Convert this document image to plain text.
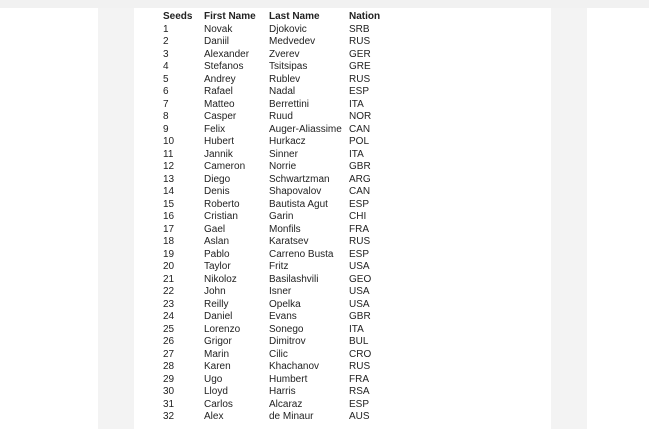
Seeds	First Name	Last Name	Nation
1	Novak	Djokovic	SRB
2	Daniil	Medvedev	RUS
3	Alexander	Zverev	GER
4	Stefanos	Tsitsipas	GRE
5	Andrey	Rublev	RUS
6	Rafael	Nadal	ESP
7	Matteo	Berrettini	ITA
8	Casper	Ruud	NOR
9	Felix	Auger-Aliassime	CAN
10	Hubert	Hurkacz	POL
11	Jannik	Sinner	ITA
12	Cameron	Norrie	GBR
13	Diego	Schwartzman	ARG
14	Denis	Shapovalov	CAN
15	Roberto	Bautista Agut	ESP
16	Cristian	Garin	CHI
17	Gael	Monfils	FRA
18	Aslan	Karatsev	RUS
19	Pablo	Carreno Busta	ESP
20	Taylor	Fritz	USA
21	Nikoloz	Basilashvili	GEO
22	John	Isner	USA
23	Reilly	Opelka	USA
24	Daniel	Evans	GBR
25	Lorenzo	Sonego	ITA
26	Grigor	Dimitrov	BUL
27	Marin	Cilic	CRO
28	Karen	Khachanov	RUS
29	Ugo	Humbert	FRA
30	Lloyd	Harris	RSA
31	Carlos	Alcaraz	ESP
32	Alex	de Minaur	AUS
